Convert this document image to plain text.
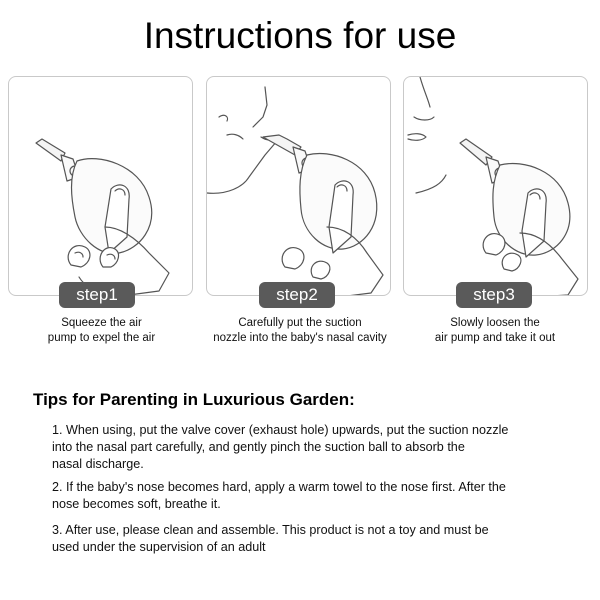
Instructions for use
step1	step2	step3
Squeeze the air
pump to expel the air
Carefully put the suction
nozzle into the baby's nasal cavity
Slowly loosen the
air pump and take it out
Tips for Parenting in Luxurious Garden:
1. When using, put the valve cover (exhaust hole) upwards, put the suction nozzle
into the nasal part carefully, and gently pinch the suction ball to absorb the
nasal discharge.
2. If the baby's nose becomes hard, apply a warm towel to the nose first. After the
nose becomes soft, breathe it.
3. After use, please clean and assemble. This product is not a toy and must be
used under the supervision of an adult
